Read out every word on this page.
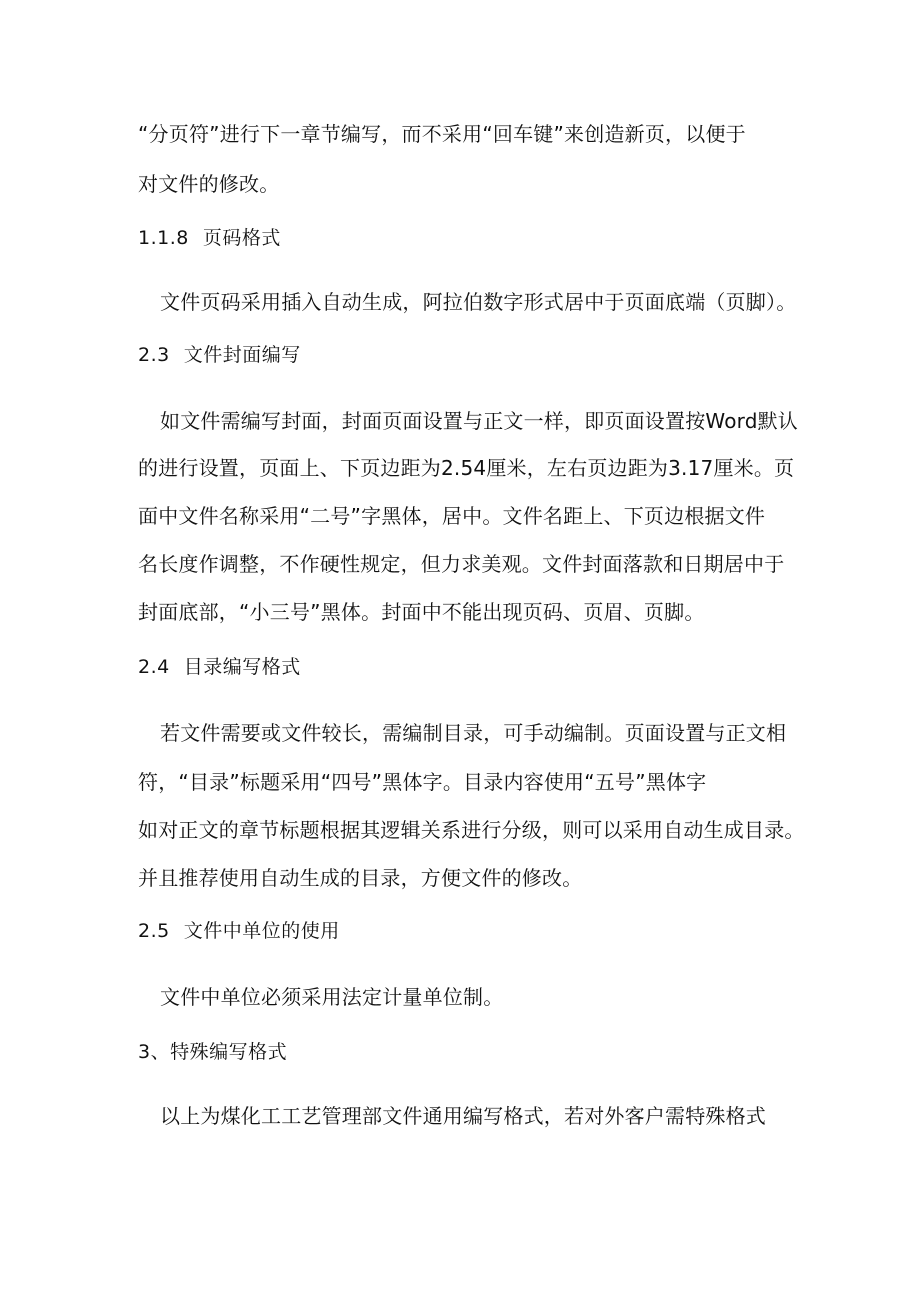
“分页符”进行下一章节编写，而不采用“回车键”来创造新页，以便于
对文件的修改。
1.1.8 页码格式
文件页码采用插入自动生成，阿拉伯数字形式居中于页面底端（页脚）。
2.3 文件封面编写
如文件需编写封面，封面页面设置与正文一样，即页面设置按Word默认
的进行设置，页面上、下页边距为2.54厘米，左右页边距为3.17厘米。页
面中文件名称采用“二号”字黑体，居中。文件名距上、下页边根据文件
名长度作调整，不作硬性规定，但力求美观。文件封面落款和日期居中于
封面底部，“小三号”黑体。封面中不能出现页码、页眉、页脚。
2.4 目录编写格式
若文件需要或文件较长，需编制目录，可手动编制。页面设置与正文相
符，“目录”标题采用“四号”黑体字。目录内容使用“五号”黑体字
如对正文的章节标题根据其逻辑关系进行分级，则可以采用自动生成目录。
并且推荐使用自动生成的目录，方便文件的修改。
2.5 文件中单位的使用
文件中单位必须采用法定计量单位制。
3、特殊编写格式
以上为煤化工工艺管理部文件通用编写格式，若对外客户需特殊格式
